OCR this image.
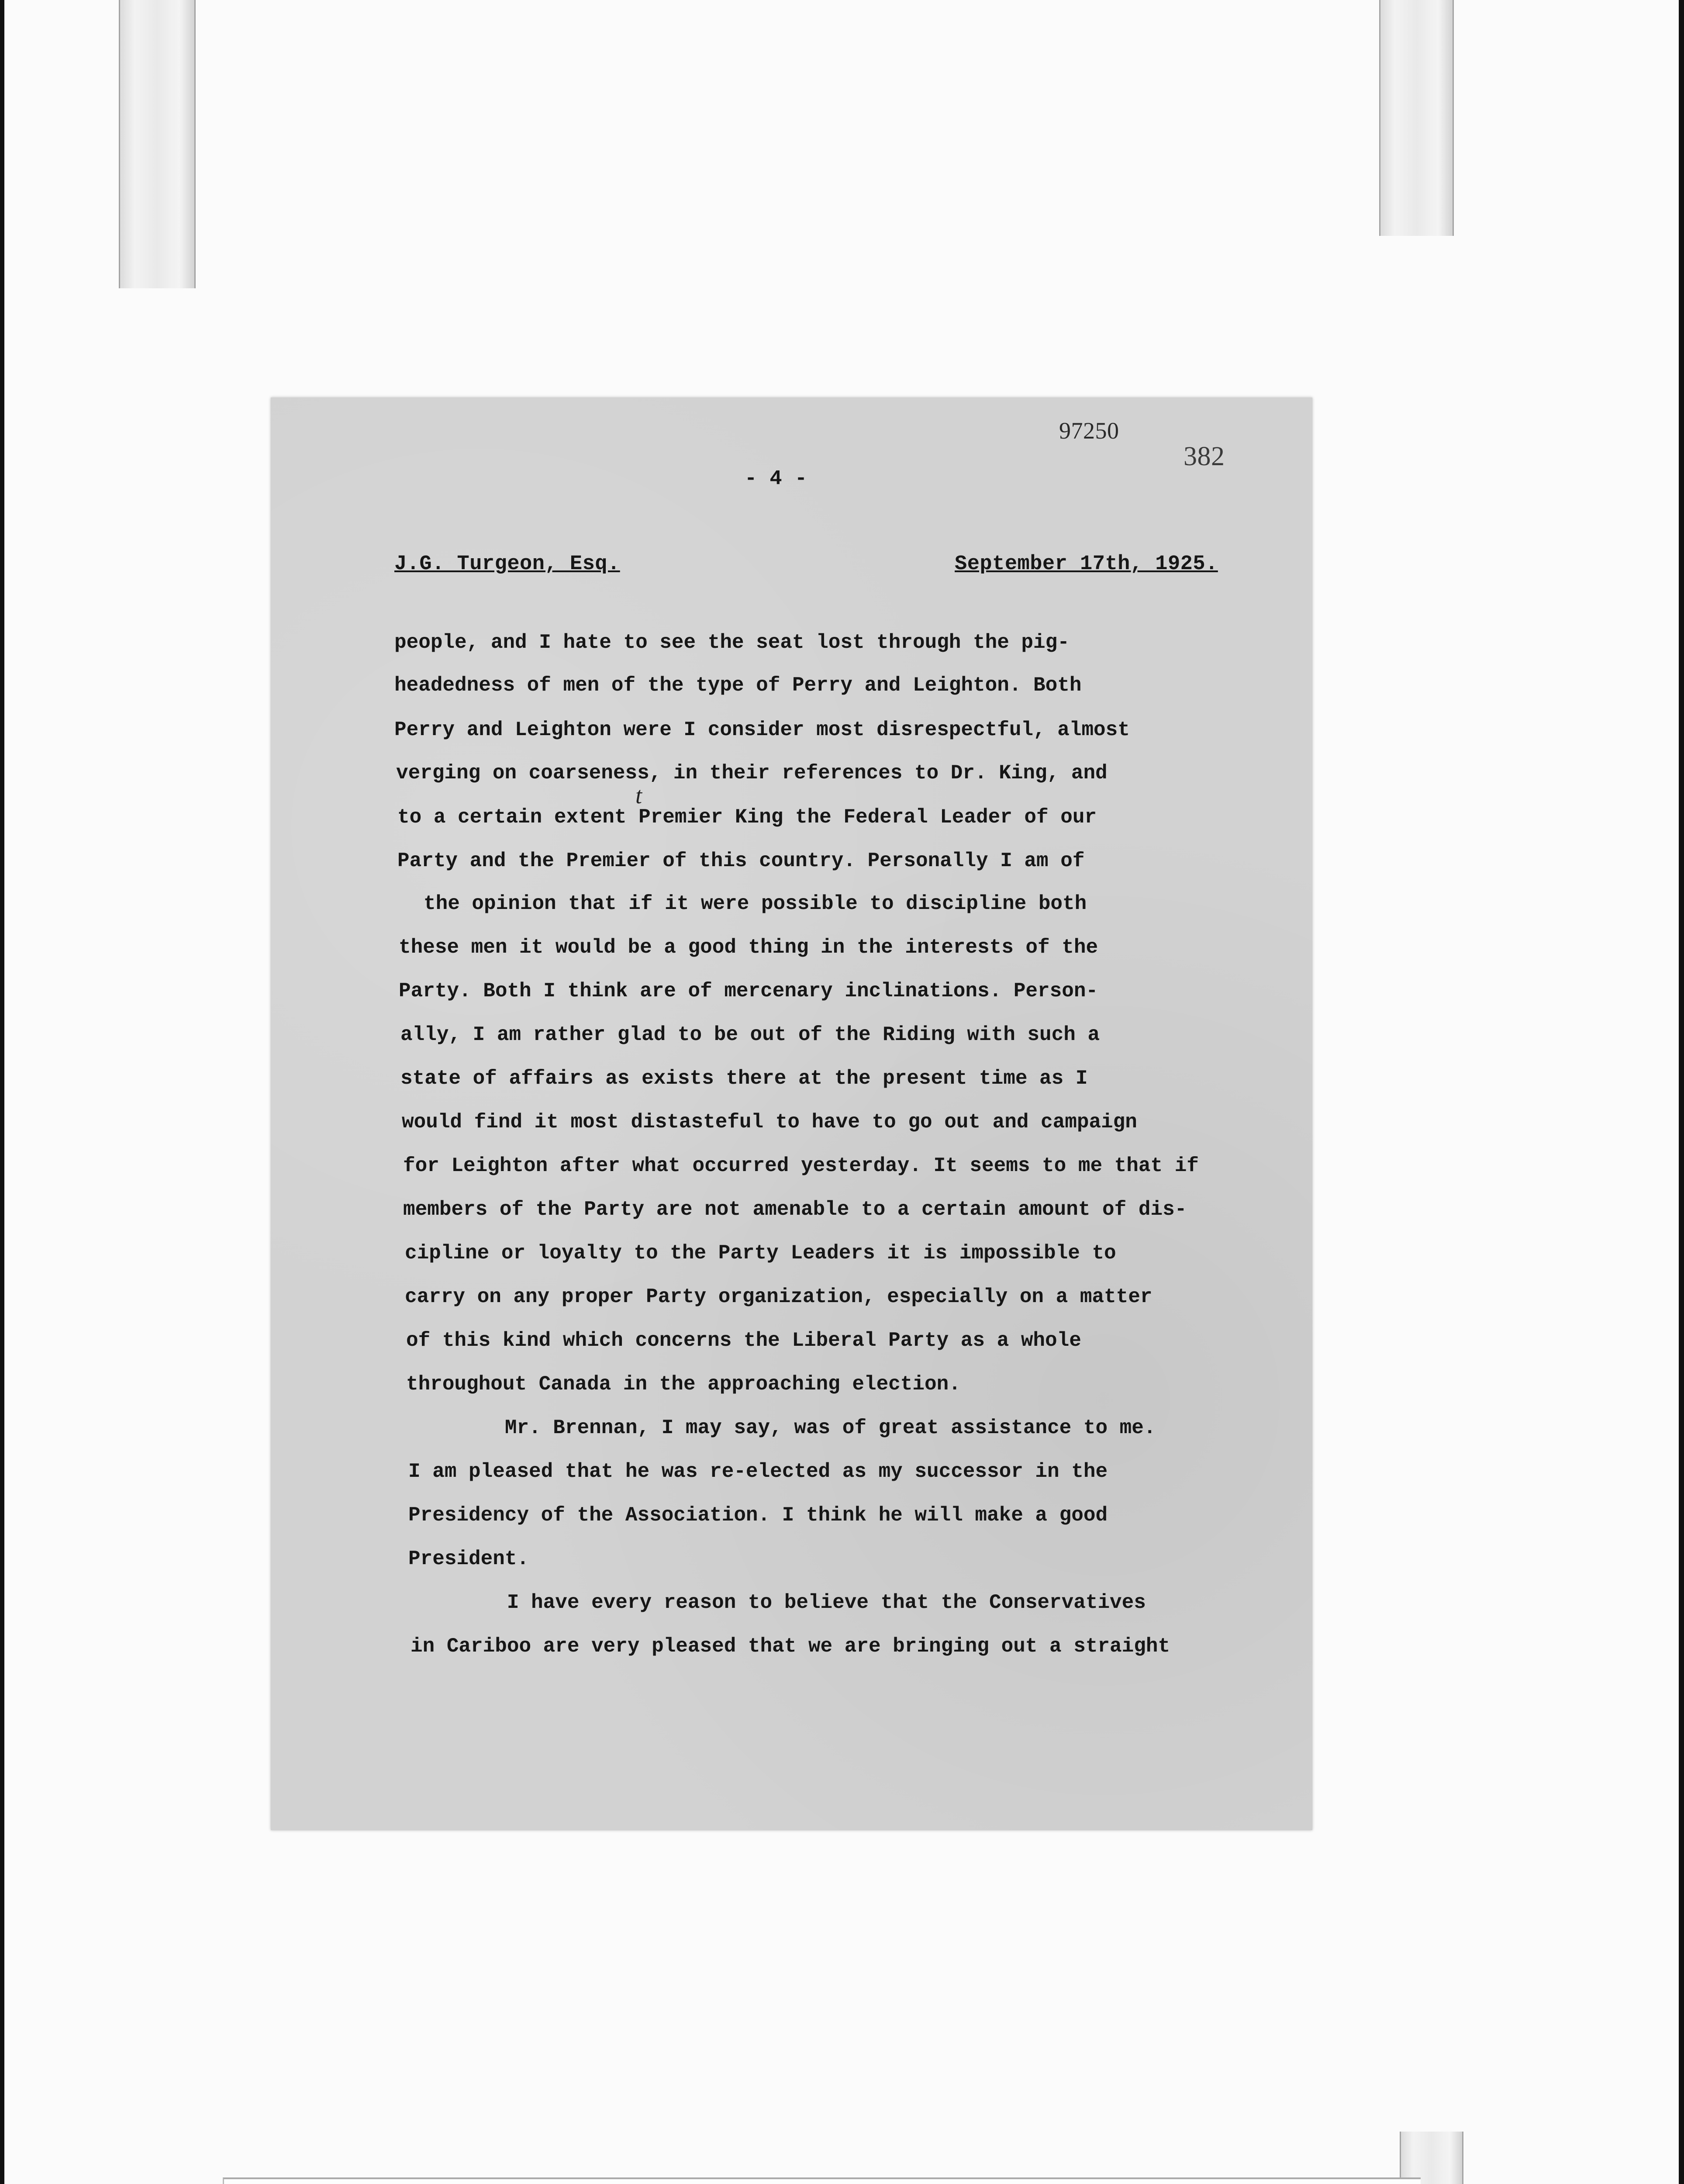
97250
382
- 4 -
J.G. Turgeon, Esq.	September 17th, 1925.
people, and I hate to see the seat lost through the pig-
headedness of men of the type of Perry and Leighton. Both
Perry and Leighton were I consider most disrespectful, almost
verging on coarseness, in their references to Dr. King, and
to a certain extent Premier King the Federal Leader of our
t
Party and the Premier of this country. Personally I am of
the opinion that if it were possible to discipline both
these men it would be a good thing in the interests of the
Party. Both I think are of mercenary inclinations. Person-
ally, I am rather glad to be out of the Riding with such a
state of affairs as exists there at the present time as I
would find it most distasteful to have to go out and campaign
for Leighton after what occurred yesterday. It seems to me that if
members of the Party are not amenable to a certain amount of dis-
cipline or loyalty to the Party Leaders it is impossible to
carry on any proper Party organization, especially on a matter
of this kind which concerns the Liberal Party as a whole
throughout Canada in the approaching election.
Mr. Brennan, I may say, was of great assistance to me.
I am pleased that he was re-elected as my successor in the
Presidency of the Association. I think he will make a good
President.
I have every reason to believe that the Conservatives
in Cariboo are very pleased that we are bringing out a straight
